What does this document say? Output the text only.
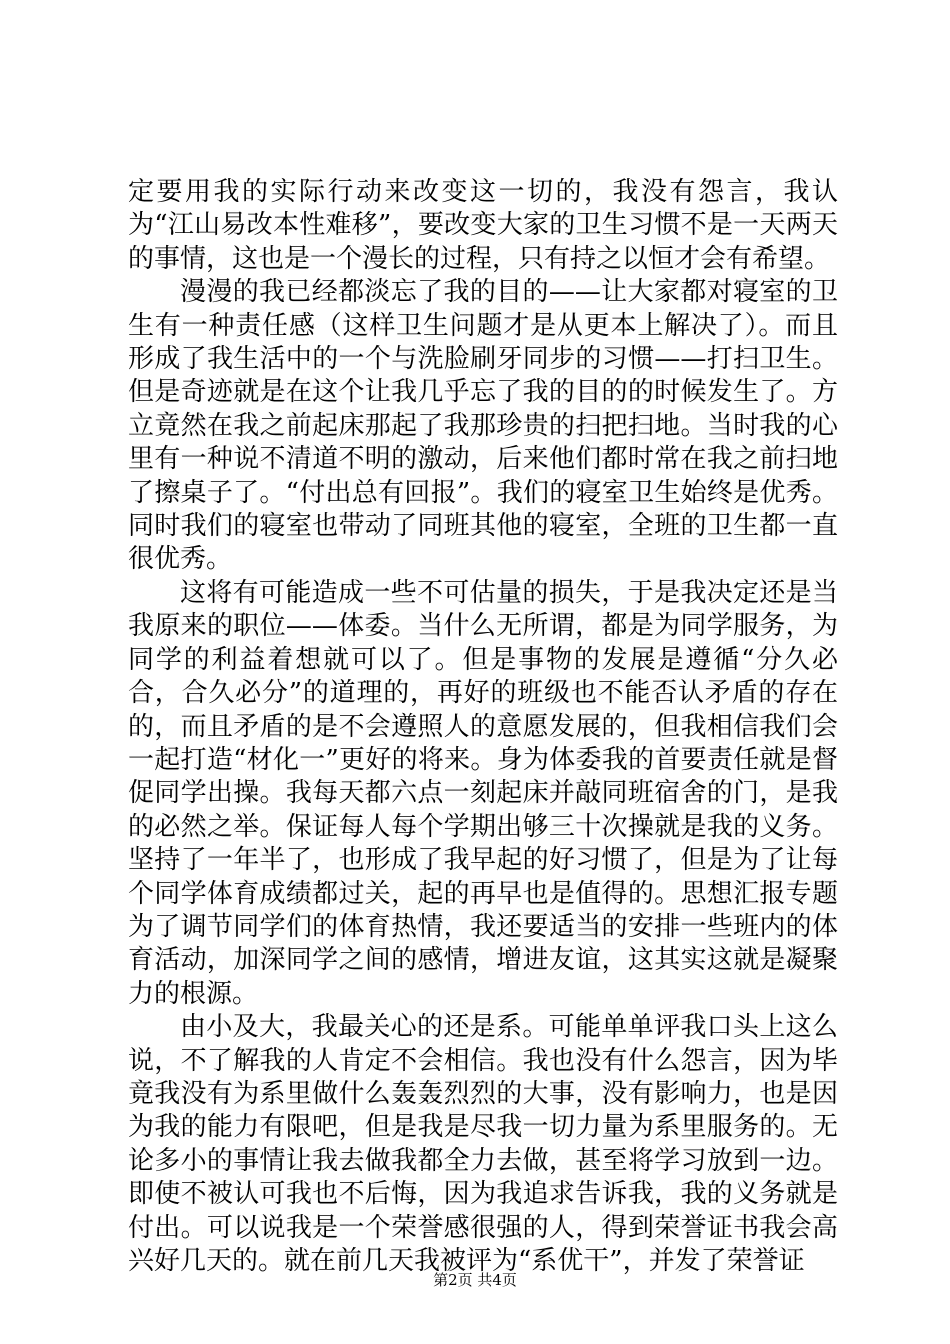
定要用我的实际行动来改变这一切的，我没有怨言，我认为“江山易改本性难移”，要改变大家的卫生习惯不是一天两天的事情，这也是一个漫长的过程，只有持之以恒才会有希望。

漫漫的我已经都淡忘了我的目的——让大家都对寝室的卫生有一种责任感（这样卫生问题才是从更本上解决了）。而且形成了我生活中的一个与洗脸刷牙同步的习惯——打扫卫生。但是奇迹就是在这个让我几乎忘了我的目的的时候发生了。方立竟然在我之前起床那起了我那珍贵的扫把扫地。当时我的心里有一种说不清道不明的激动，后来他们都时常在我之前扫地了擦桌子了。“付出总有回报”。我们的寝室卫生始终是优秀。同时我们的寝室也带动了同班其他的寝室，全班的卫生都一直很优秀。

这将有可能造成一些不可估量的损失，于是我决定还是当我原来的职位——体委。当什么无所谓，都是为同学服务，为同学的利益着想就可以了。但是事物的发展是遵循“分久必合，合久必分”的道理的，再好的班级也不能否认矛盾的存在的，而且矛盾的是不会遵照人的意愿发展的，但我相信我们会一起打造“材化一”更好的将来。身为体委我的首要责任就是督促同学出操。我每天都六点一刻起床并敲同班宿舍的门，是我的必然之举。保证每人每个学期出够三十次操就是我的义务。坚持了一年半了，也形成了我早起的好习惯了，但是为了让每个同学体育成绩都过关，起的再早也是值得的。思想汇报专题为了调节同学们的体育热情，我还要适当的安排一些班内的体育活动，加深同学之间的感情，增进友谊，这其实这就是凝聚力的根源。

由小及大，我最关心的还是系。可能单单评我口头上这么说，不了解我的人肯定不会相信。我也没有什么怨言，因为毕竟我没有为系里做什么轰轰烈烈的大事，没有影响力，也是因为我的能力有限吧，但是我是尽我一切力量为系里服务的。无论多小的事情让我去做我都全力去做，甚至将学习放到一边。即使不被认可我也不后悔，因为我追求告诉我，我的义务就是付出。可以说我是一个荣誉感很强的人，得到荣誉证书我会高兴好几天的。就在前几天我被评为“系优干”，并发了荣誉证

第2页 共4页
